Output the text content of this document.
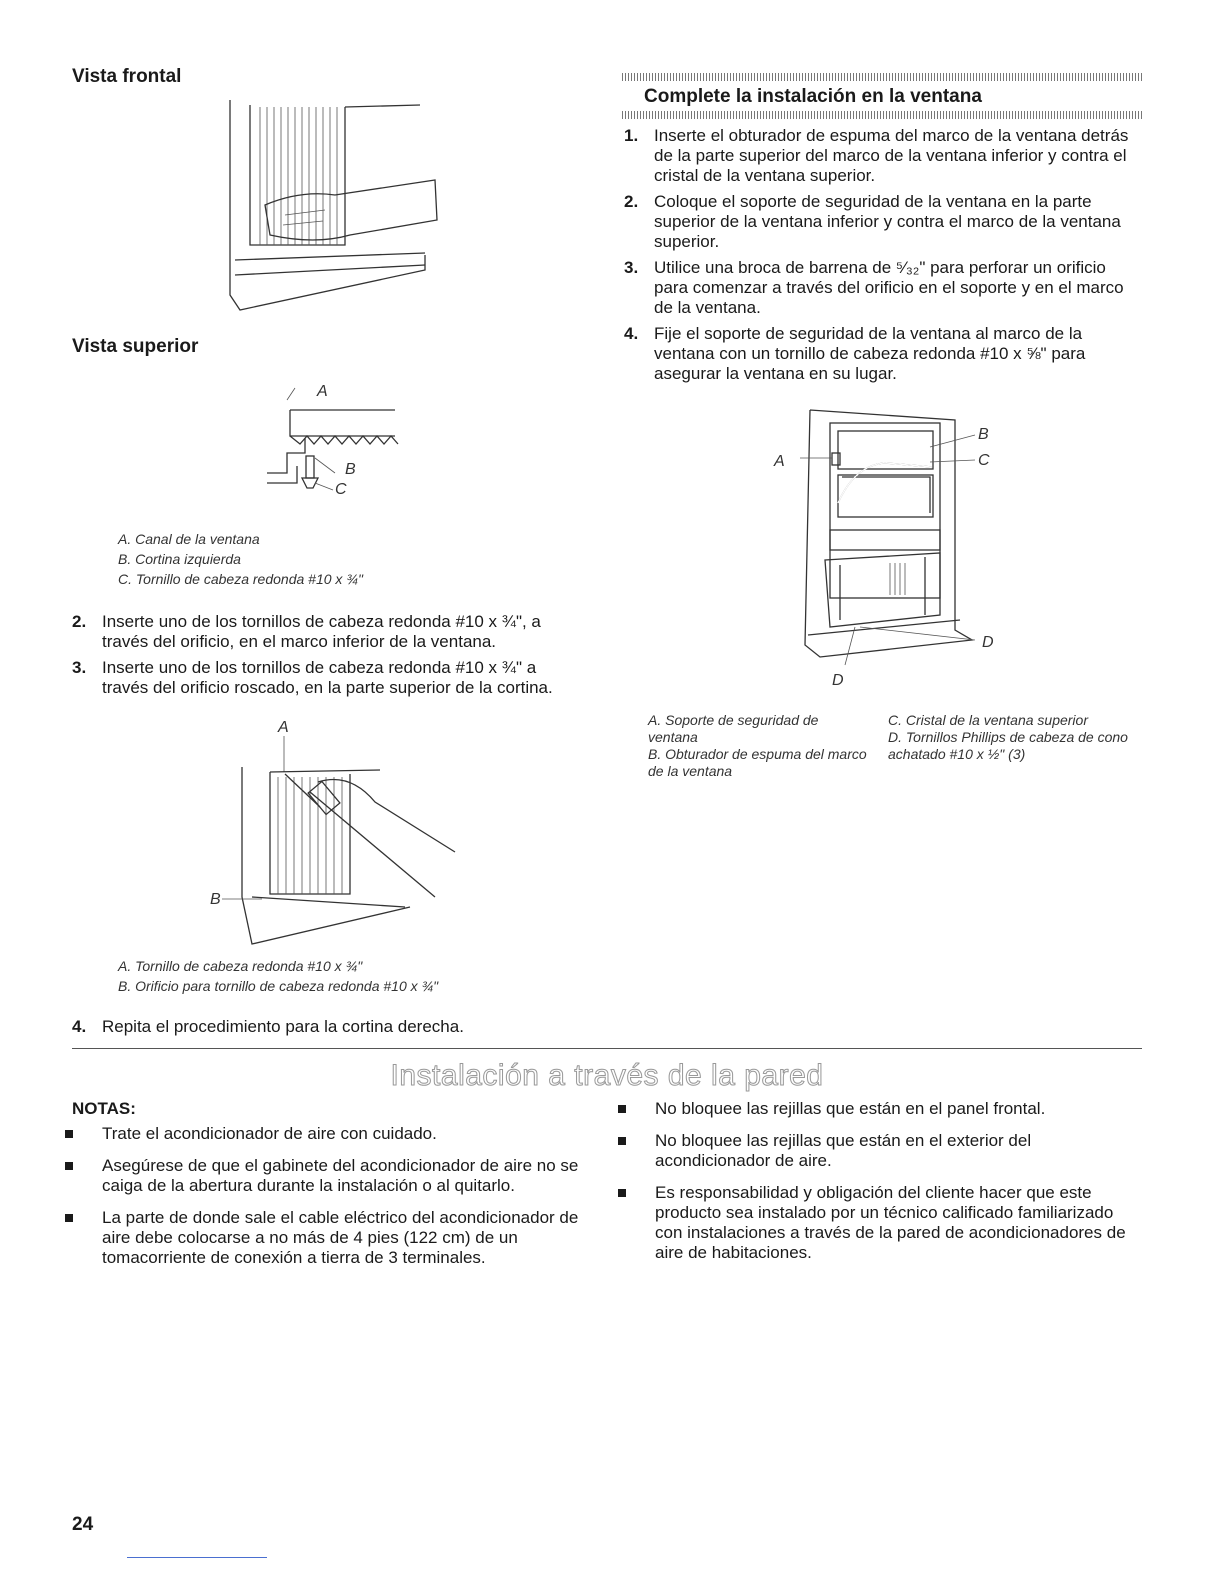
Vista frontal
Vista superior
A
B
C
A. Canal de la ventana
B. Cortina izquierda
C. Tornillo de cabeza redonda #10 x ¾"
2. Inserte uno de los tornillos de cabeza redonda #10 x ¾", a través del orificio, en el marco inferior de la ventana.
3. Inserte uno de los tornillos de cabeza redonda #10 x ¾" a través del orificio roscado, en la parte superior de la cortina.
A
B
A. Tornillo de cabeza redonda #10 x ¾"
B. Orificio para tornillo de cabeza redonda #10 x ¾"
4. Repita el procedimiento para la cortina derecha.
Complete la instalación en la ventana
1. Inserte el obturador de espuma del marco de la ventana detrás de la parte superior del marco de la ventana inferior y contra el cristal de la ventana superior.
2. Coloque el soporte de seguridad de la ventana en la parte superior de la ventana inferior y contra el marco de la ventana superior.
3. Utilice una broca de barrena de ⁵⁄₃₂" para perforar un orificio para comenzar a través del orificio en el soporte y en el marco de la ventana.
4. Fije el soporte de seguridad de la ventana al marco de la ventana con un tornillo de cabeza redonda #10 x ⅝" para asegurar la ventana en su lugar.
A
B
C
D
D
A. Soporte de seguridad de ventana
B. Obturador de espuma del marco de la ventana
C. Cristal de la ventana superior
D. Tornillos Phillips de cabeza de cono achatado #10 x ½" (3)
Instalación a través de la pared
NOTAS:
Trate el acondicionador de aire con cuidado.
Asegúrese de que el gabinete del acondicionador de aire no se caiga de la abertura durante la instalación o al quitarlo.
La parte de donde sale el cable eléctrico del acondicionador de aire debe colocarse a no más de 4 pies (122 cm) de un tomacorriente de conexión a tierra de 3 terminales.
No bloquee las rejillas que están en el panel frontal.
No bloquee las rejillas que están en el exterior del acondicionador de aire.
Es responsabilidad y obligación del cliente hacer que este producto sea instalado por un técnico calificado familiarizado con instalaciones a través de la pared de acondicionadores de aire de habitaciones.
24
